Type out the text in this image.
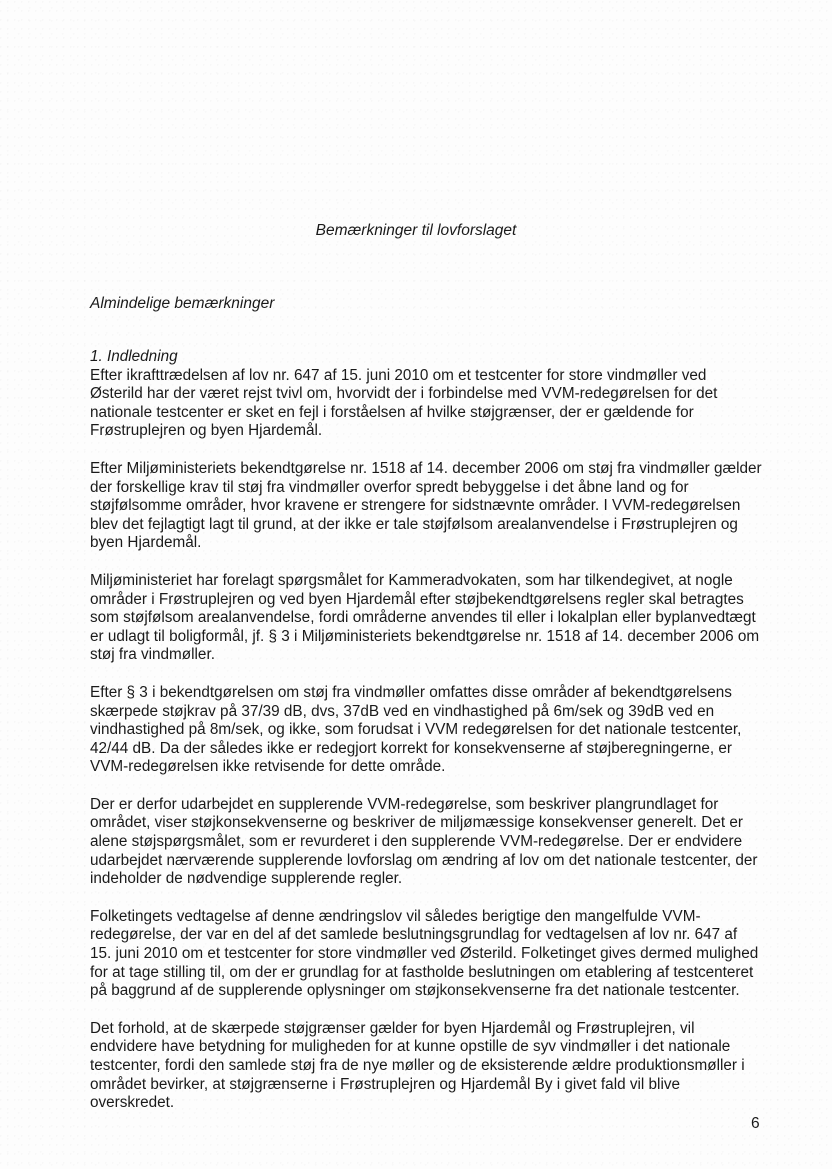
Bemærkninger til lovforslaget
Almindelige bemærkninger
1. Indledning

Efter ikrafttrædelsen af lov nr. 647 af 15. juni 2010 om et testcenter for store vindmøller ved Østerild har der været rejst tvivl om, hvorvidt der i forbindelse med VVM-redegørelsen for det nationale testcenter er sket en fejl i forståelsen af hvilke støjgrænser, der er gældende for Frøstruplejren og byen Hjardemål.

Efter Miljøministeriets bekendtgørelse nr. 1518 af 14. december 2006 om støj fra vindmøller gælder der forskellige krav til støj fra vindmøller overfor spredt bebyggelse i det åbne land og for støjfølsomme områder, hvor kravene er strengere for sidstnævnte områder. I VVM-redegørelsen blev det fejlagtigt lagt til grund, at der ikke er tale støjfølsom arealanvendelse i Frøstruplejren og byen Hjardemål.

Miljøministeriet har forelagt spørgsmålet for Kammeradvokaten, som har tilkendegivet, at nogle områder i Frøstruplejren og ved byen Hjardemål efter støjbekendtgørelsens regler skal betragtes som støjfølsom arealanvendelse, fordi områderne anvendes til eller i lokalplan eller byplanvedtægt er udlagt til boligformål, jf. § 3 i Miljøministeriets bekendtgørelse nr. 1518 af 14. december 2006 om støj fra vindmøller.

Efter § 3 i bekendtgørelsen om støj fra vindmøller omfattes disse områder af bekendtgørelsens skærpede støjkrav på 37/39 dB, dvs, 37dB ved en vindhastighed på 6m/sek og 39dB ved en vindhastighed på 8m/sek, og ikke, som forudsat i VVM redegørelsen for det nationale testcenter, 42/44 dB. Da der således ikke er redegjort korrekt for konsekvenserne af støjberegningerne, er VVM-redegørelsen ikke retvisende for dette område.

Der er derfor udarbejdet en supplerende VVM-redegørelse, som beskriver plangrundlaget for området, viser støjkonsekvenserne og beskriver de miljømæssige konsekvenser generelt. Det er alene støjspørgsmålet, som er revurderet i den supplerende VVM-redegørelse. Der er endvidere udarbejdet nærværende supplerende lovforslag om ændring af lov om det nationale testcenter, der indeholder de nødvendige supplerende regler.

Folketingets vedtagelse af denne ændringslov vil således berigtige den mangelfulde VVM-redegørelse, der var en del af det samlede beslutningsgrundlag for vedtagelsen af lov nr. 647 af 15. juni 2010 om et testcenter for store vindmøller ved Østerild. Folketinget gives dermed mulighed for at tage stilling til, om der er grundlag for at fastholde beslutningen om etablering af testcenteret på baggrund af de supplerende oplysninger om støjkonsekvenserne fra det nationale testcenter.

Det forhold, at de skærpede støjgrænser gælder for byen Hjardemål og Frøstruplejren, vil endvidere have betydning for muligheden for at kunne opstille de syv vindmøller i det nationale testcenter, fordi den samlede støj fra de nye møller og de eksisterende ældre produktionsmøller i området bevirker, at støjgrænserne i Frøstruplejren og Hjardemål By i givet fald vil blive overskredet.

6
